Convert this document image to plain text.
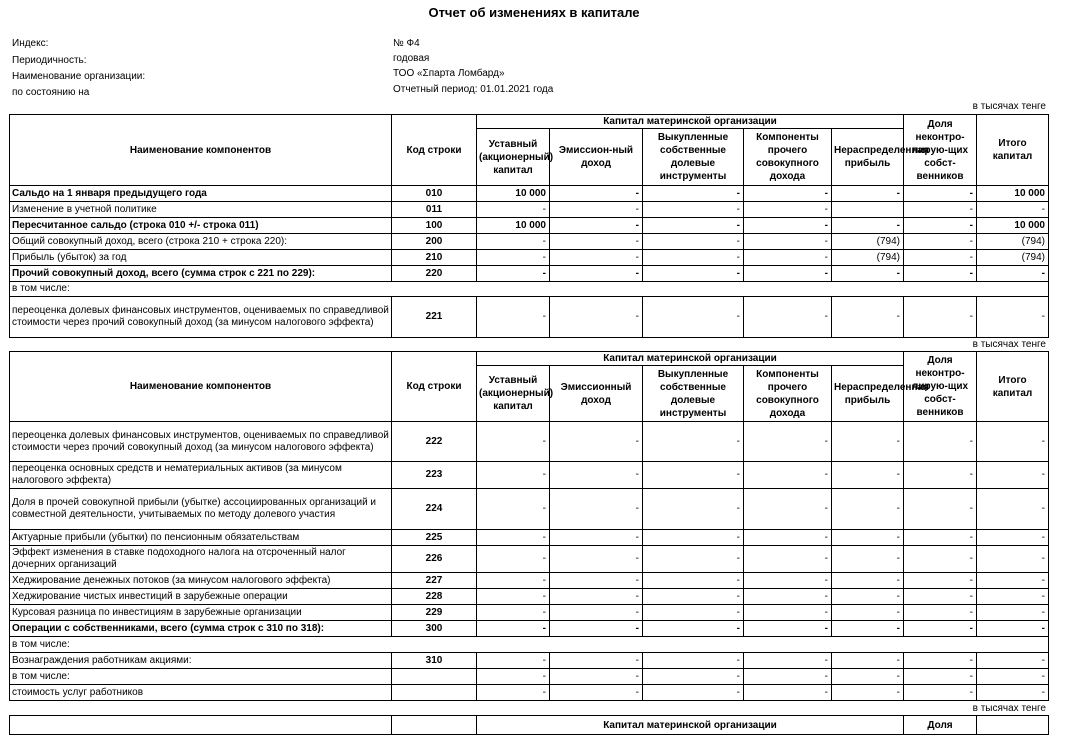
Отчет об изменениях в капитале
Индекс:
Периодичность:
Наименование организации:
по состоянию на
№ Ф4
годовая
ТОО «Σпарта Ломбард»
Отчетный период: 01.01.2021 года
в тысячах тенге
Наименование компонентов	Код строки	Капитал материнской организации					Доля неконтро-лирую-щих собст-венников	Итого капитал
		Уставный (акционерный) капитал	Эмиссион-ный доход	Выкупленные собственные долевые инструменты	Компоненты прочего совокупного дохода	Нераспределенная прибыль		
Сальдо на 1 января предыдущего года	010	10 000	-	-	-	-	-	10 000
Изменение в учетной политике	011	-	-	-	-		-	-
Пересчитанное сальдо (строка 010 +/- строка 011)	100	10 000	-	-	-	-	-	10 000
Общий совокупный доход, всего (строка 210 + строка 220):	200	-	-	-	-	(794)	-	(794)
Прибыль (убыток) за год	210	-	-	-	-	(794)	-	(794)
Прочий совокупный доход, всего (сумма строк с 221 по 229):	220	-	-	-	-	-	-	-
в том числе:								
переоценка долевых финансовых инструментов, оцениваемых по справедливой стоимости через прочий совокупный доход (за минусом налогового эффекта)	221	-	-	-	-	-	-	-
в тысячах тенге
Наименование компонентов	Код строки	Капитал материнской организации					Доля неконтро-лирую-щих собст-венников	Итого капитал
		Уставный (акционерный) капитал	Эмиссионный доход	Выкупленные собственные долевые инструменты	Компоненты прочего совокупного дохода	Нераспределенная прибыль		
переоценка долевых финансовых инструментов, оцениваемых по справедливой стоимости через прочий совокупный доход (за минусом налогового эффекта)	222	-	-	-	-	-	-	-
переоценка основных средств и нематериальных активов (за минусом налогового эффекта)	223	-	-	-	-	-	-	-
Доля в прочей совокупной прибыли (убытке) ассоциированных организаций и совместной деятельности, учитываемых по методу долевого участия	224	-	-	-	-	-	-	-
Актуарные прибыли (убытки) по пенсионным обязательствам	225	-	-	-	-	-	-	-
Эффект изменения в ставке подоходного налога на отсроченный налог дочерних организаций	226	-	-	-	-	-	-	-
Хеджирование денежных потоков (за минусом налогового эффекта)	227	-	-	-	-	-	-	-
Хеджирование чистых инвестиций в зарубежные операции	228	-	-	-	-	-	-	-
Курсовая разница по инвестициям в зарубежные организации	229	-	-	-	-	-	-	-
Операции с собственниками, всего (сумма строк с 310 по 318):	300	-	-	-	-	-	-	-
в том числе:								
Вознаграждения работникам акциями:	310	-	-	-	-	-	-	-
в том числе:		-	-	-	-	-	-	-
стоимость услуг работников		-	-	-	-	-	-	-
в тысячах тенге
		Капитал материнской организации	Доля	
